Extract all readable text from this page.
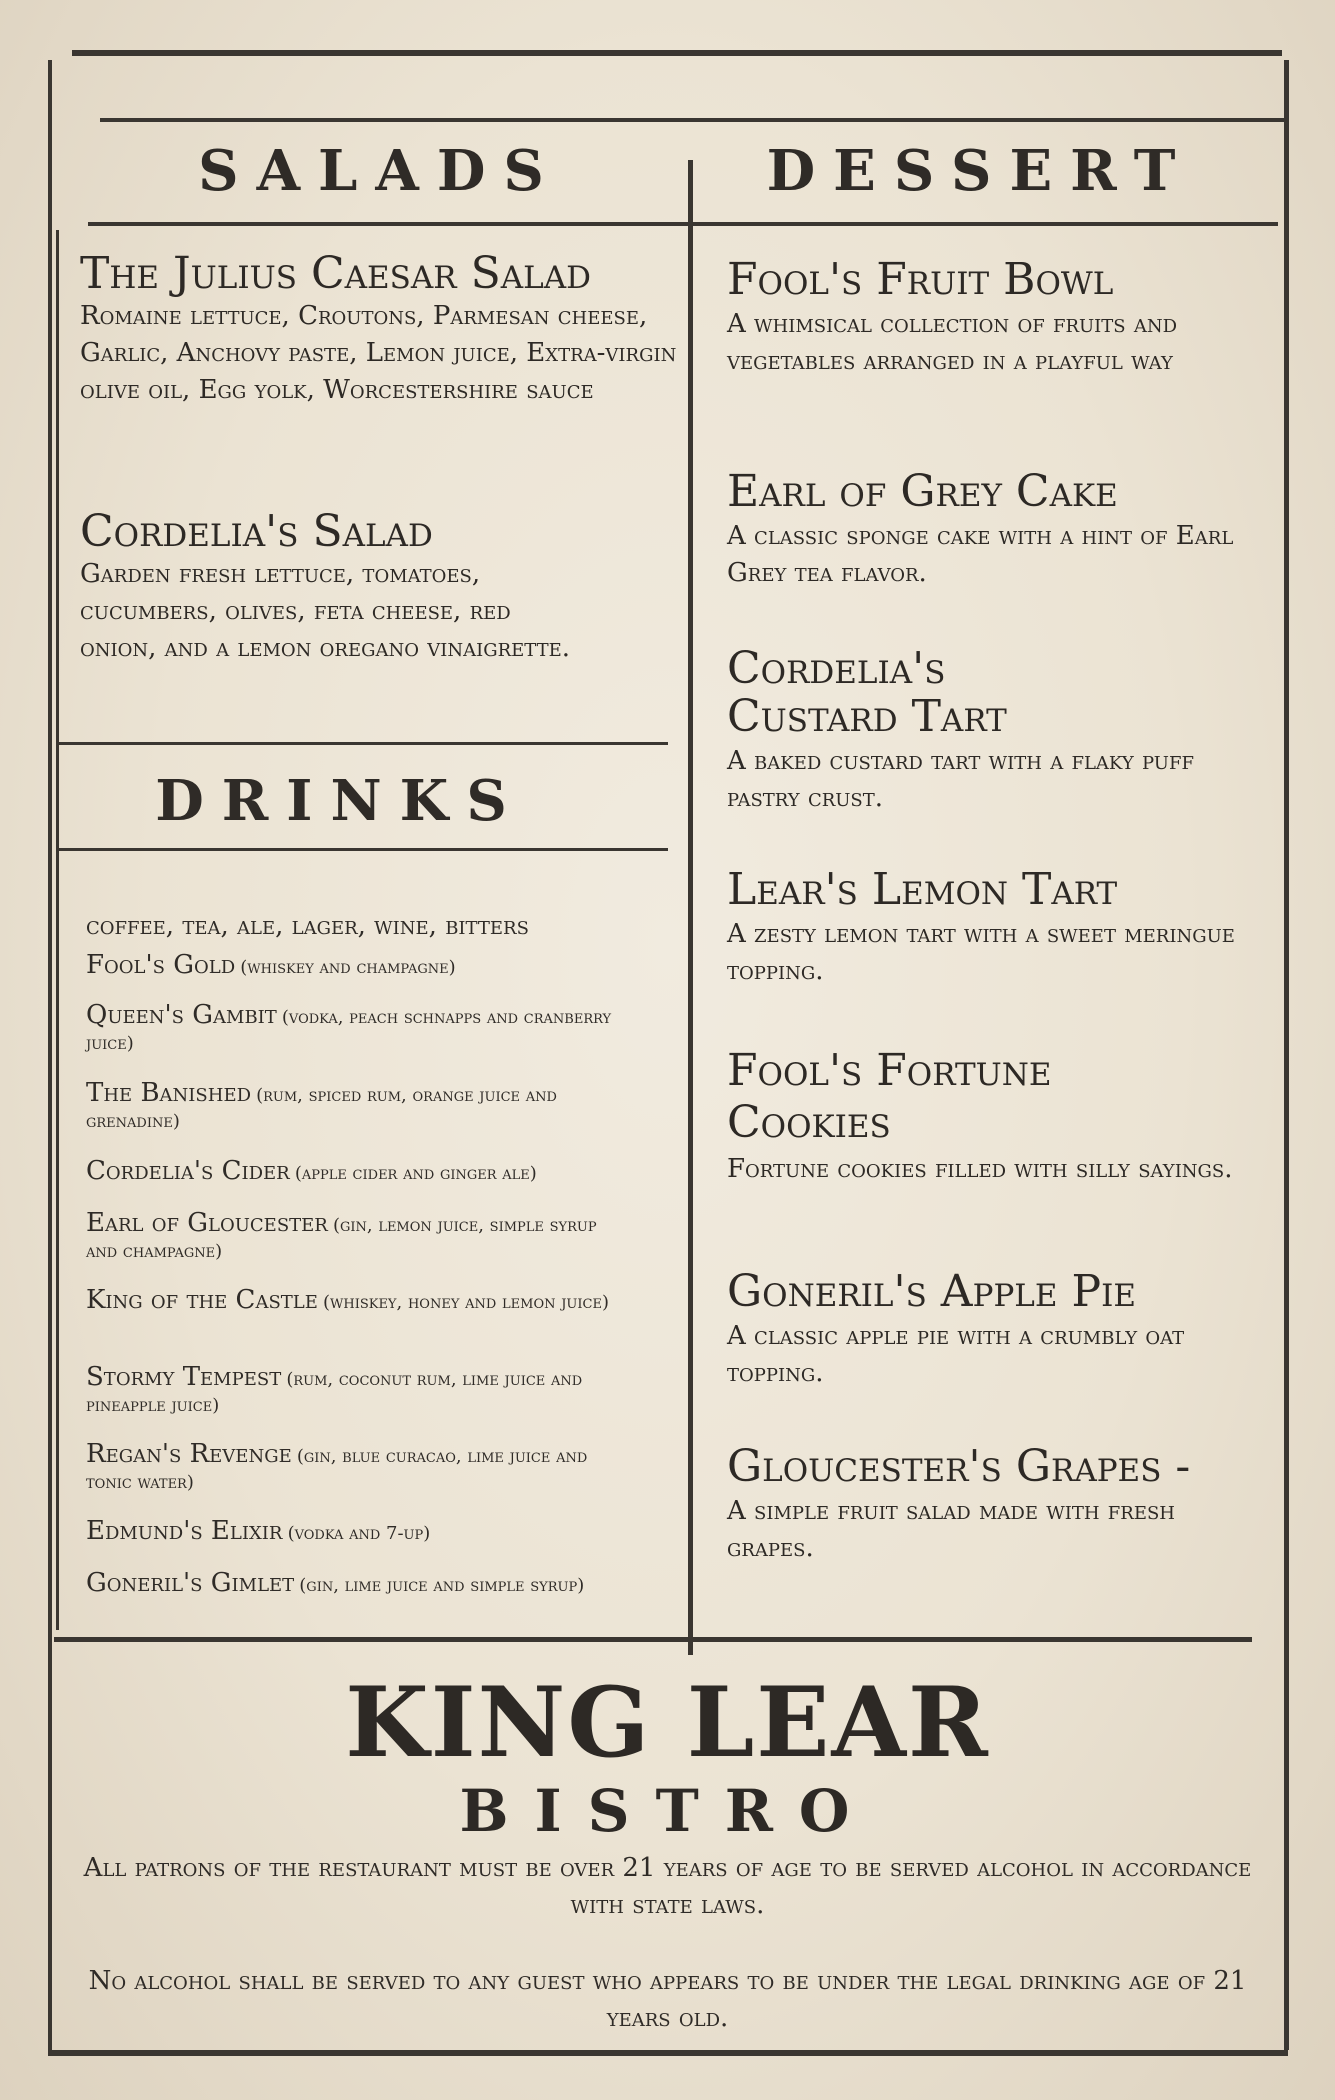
SALADS

The Julius Caesar Salad

Romaine lettuce, Croutons, Parmesan cheese, Garlic, Anchovy paste, Lemon juice, Extra-virgin olive oil, Egg yolk, Worcestershire sauce

Cordelia's Salad

Garden fresh lettuce, tomatoes, cucumbers, olives, feta cheese, red onion, and a lemon oregano vinaigrette.

DRINKS
coffee, tea, ale, lager, wine, bitters
Fool's Gold (whiskey and champagne)
Queen's Gambit (vodka, peach schnapps and cranberry juice)
The Banished (rum, spiced rum, orange juice and grenadine)
Cordelia's Cider (apple cider and ginger ale)
Earl of Gloucester (gin, lemon juice, simple syrup and champagne)
King of the Castle (whiskey, honey and lemon juice)
Stormy Tempest (rum, coconut rum, lime juice and pineapple juice)
Regan's Revenge (gin, blue curacao, lime juice and tonic water)
Edmund's Elixir (vodka and 7-up)
Goneril's Gimlet (gin, lime juice and simple syrup)
DESSERT

Fool's Fruit Bowl

A whimsical collection of fruits and vegetables arranged in a playful way

Earl of Grey Cake

A classic sponge cake with a hint of Earl Grey tea flavor.

Cordelia's Custard Tart

A baked custard tart with a flaky puff pastry crust.

Lear's Lemon Tart

A zesty lemon tart with a sweet meringue topping.

Fool's Fortune Cookies

Fortune cookies filled with silly sayings.

Goneril's Apple Pie

A classic apple pie with a crumbly oat topping.

Gloucester's Grapes -

A simple fruit salad made with fresh grapes.

KING LEAR
BISTRO
All patrons of the restaurant must be over 21 years of age to be served alcohol in accordance with state laws.
No alcohol shall be served to any guest who appears to be under the legal drinking age of 21 years old.
